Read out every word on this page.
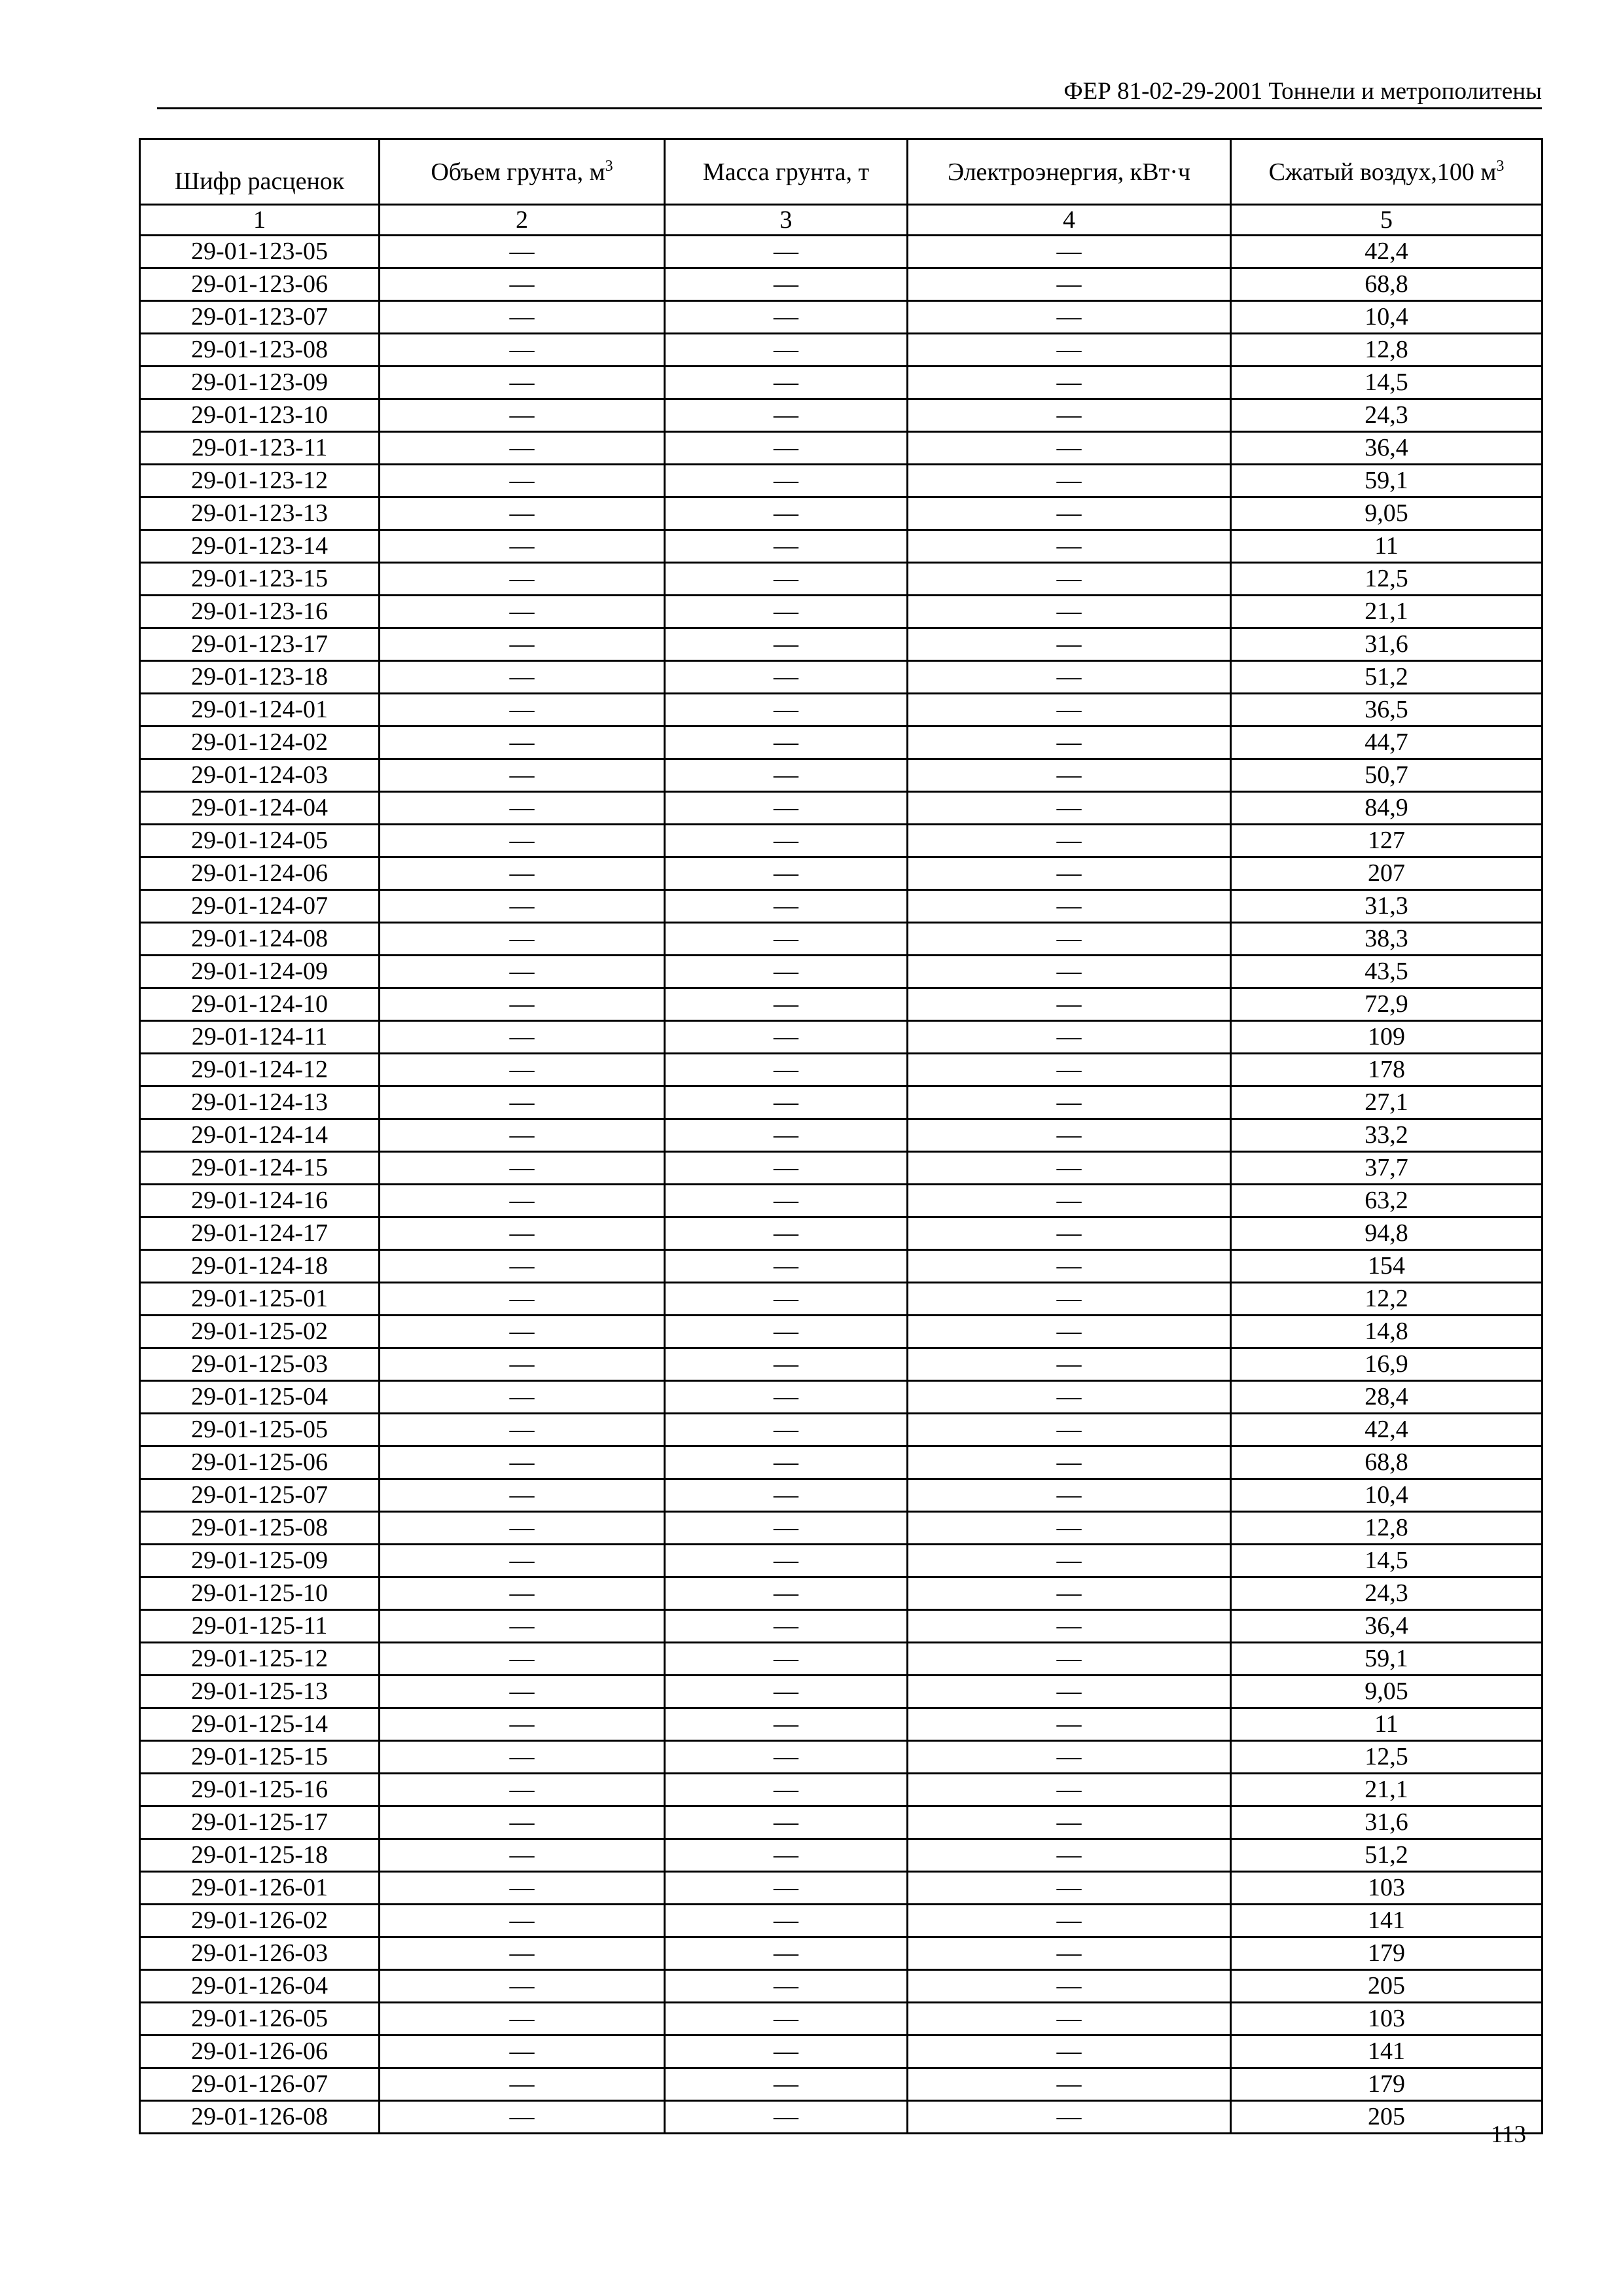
ФЕР 81-02-29-2001 Тоннели и метрополитены
Шифр расценок	Объем грунта, $м^3$	Масса грунта, т	Электроэнергия, кВт·ч	Сжатый воздух,100 $м^3$
1	2	3	4	5
29-01-123-05	—	—	—	42,4
29-01-123-06	—	—	—	68,8
29-01-123-07	—	—	—	10,4
29-01-123-08	—	—	—	12,8
29-01-123-09	—	—	—	14,5
29-01-123-10	—	—	—	24,3
29-01-123-11	—	—	—	36,4
29-01-123-12	—	—	—	59,1
29-01-123-13	—	—	—	9,05
29-01-123-14	—	—	—	11
29-01-123-15	—	—	—	12,5
29-01-123-16	—	—	—	21,1
29-01-123-17	—	—	—	31,6
29-01-123-18	—	—	—	51,2
29-01-124-01	—	—	—	36,5
29-01-124-02	—	—	—	44,7
29-01-124-03	—	—	—	50,7
29-01-124-04	—	—	—	84,9
29-01-124-05	—	—	—	127
29-01-124-06	—	—	—	207
29-01-124-07	—	—	—	31,3
29-01-124-08	—	—	—	38,3
29-01-124-09	—	—	—	43,5
29-01-124-10	—	—	—	72,9
29-01-124-11	—	—	—	109
29-01-124-12	—	—	—	178
29-01-124-13	—	—	—	27,1
29-01-124-14	—	—	—	33,2
29-01-124-15	—	—	—	37,7
29-01-124-16	—	—	—	63,2
29-01-124-17	—	—	—	94,8
29-01-124-18	—	—	—	154
29-01-125-01	—	—	—	12,2
29-01-125-02	—	—	—	14,8
29-01-125-03	—	—	—	16,9
29-01-125-04	—	—	—	28,4
29-01-125-05	—	—	—	42,4
29-01-125-06	—	—	—	68,8
29-01-125-07	—	—	—	10,4
29-01-125-08	—	—	—	12,8
29-01-125-09	—	—	—	14,5
29-01-125-10	—	—	—	24,3
29-01-125-11	—	—	—	36,4
29-01-125-12	—	—	—	59,1
29-01-125-13	—	—	—	9,05
29-01-125-14	—	—	—	11
29-01-125-15	—	—	—	12,5
29-01-125-16	—	—	—	21,1
29-01-125-17	—	—	—	31,6
29-01-125-18	—	—	—	51,2
29-01-126-01	—	—	—	103
29-01-126-02	—	—	—	141
29-01-126-03	—	—	—	179
29-01-126-04	—	—	—	205
29-01-126-05	—	—	—	103
29-01-126-06	—	—	—	141
29-01-126-07	—	—	—	179
29-01-126-08	—	—	—	205
113
